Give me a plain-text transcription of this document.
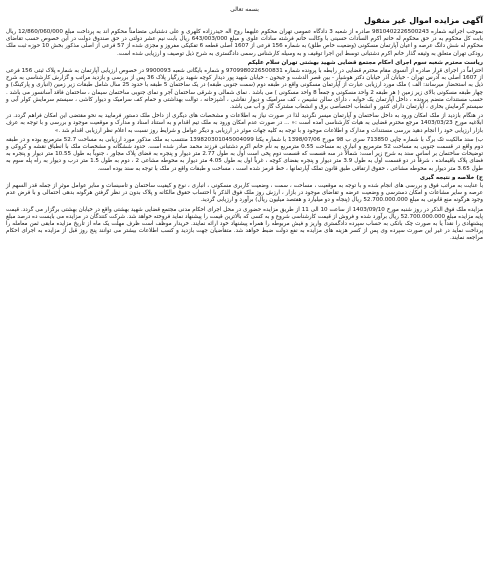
بسمه تعالی
آگهی مزایده اموال غیر منقول

بموجب اجرائیه شماره 9810402226500243 صادره از شعبه 3 دادگاه عمومی تهران محکوم علیهما روح اله حیدرزاده کلهری و علی دشتبانی متضامناً محکوم اند به پرداخت مبلغ 12/860/060/000 ریال بابت کل محکوم به در حق محکوم له خانم اکرم السادات حسینی با وکالت خانم فرشته سادات علوی و مبلغ 643/003/000 ریال بابت نیم عشر دولتی در حق صندوق دولت در این خصوص حسب تقاضای محکوم له شش دانگ عرصه و اعیان آپارتمان مسکونی (وضعیت خاص طلق) به شماره 156 فرعی از 1607 اصلی قطعه 6 تفکیکی مفروز و مجزی شده از 57 فرعی از اصلی مذکور بخش 10 حوزه ثبت ملک رودکی تهران متعلق به وثیقه گذار خانم اکرم دشتبانی توسط این اجرا توقیف و به وسیله کارشناس رسمی دادگستری به شرح ذیل توصیف و ارزیابی شده است.

ریاست محترم شعبه سوم اجرای احکام مجتمع قضایی شهید بهشتی تهران سلام علیکم

احتراماً در اجرای قرار صادره از آنسوی مقام محترم قضایی در رابطه با پرونده شماره 9709980226500831 و شماره بایگانی شعبه 9900093 در خصوص ارزیابی آپارتمان به شماره پلاک ثبتی 156 فرعی از 1607 اصلی به آدرس تهران - خیابان آذر خیابان دکتر هوشیار - بین قصر الدشت و جیحون - خیابان شهید پور دیدار کوچه شهید بزرگیار پلاک 36 پس از بررسی و بازدید مراتب و گزارش کارشناسی به شرح ذیل به استحضار میرساند: الف ) ملک مورد ارزیابی عبارت از آپارتمان مسکونی واقع در طبقه دوم (سمت جنوبی طبقه) در یک ساختمان 5 طبقه با حدود 25 سال شامل طبقات زیر زمین (انباری و پارکینگ) و چهار طبقه مسکونی بالای زیر زمین ( هر طبقه 2 واحد مسکونی و جمعاً 8 واحد مسکونی ) می باشد . نمای شمالی و شرقی ساختمان آجر و نمای جنوبی ساختمان سیمان ، ساختمان فاقد آسانسور می باشد . حسب مستندات منضم پرونده ، داخل آپارتمان یک خوابه ، دارای سالن نشیمن ، کف سرامیک و دیوار نقاشی ، آشپزخانه ، توالت بهداشتی و حمام کف سرامیک و دیوار کاشی ، سیستم سرمایش کولر آبی و سیستم گرمایش بخاری ، آپارتمان دارای کنتور و انشعاب اختصاصی برق و انشعاب مشترک گاز و آب می باشد.

در هنگام بازدید از ملک امکان ورود به داخل ساختمان و آپارتمان میسر نگردید لذا در صورت نیاز به اطلاعات و مشخصات های دیگری از داخل ملک دستور فرمایید به نحو مقتضی این امکان فراهم گردد. در ابلاغیه مورخ 1403/03/23 مرجع محترم قضایی به هیات کارشناسی آمده است :« ... در صورت عدم امکان ورود به ملک تیم اقدام و به استناد اسناد و مدارک و موقعیت موجود و بررسی و با توجه به عرف بازار ارزیابی خود را انجام دهید بررسی مستندات و مدارک و اطلاعات موجود و با توجه به کلیه جهات موثر در ارزیابی و دیگر عوامل و شرایط روز نسبت به اعلام نظر ارزیابی اقدام شد .»

ب) سند مالکیت تک برگ با شماره چاپی 713850 سری ب 98 مورخ 1398/07/06 با شماره یکتا 139820301045004099 منتسب به ملک مذکور مورد ارزیابی به مساحت 52.7 مترمربع بوده و در طبقه دوم واقع در قسمت جنوبی به مساحت 52 مترمربع و انباری به مساحت 0.55 مترمربع به نام خانم اکرم دشتبانی فرزند محمد صادر شده است. حدود ششگانه و مشخصات ملک با انطباق نقشه و کروکی و توضیحات ساختمان بر اساس سند به شرح زیر است: شمالاً در سه قسمت که قسمت دوم پخی است اول به طول 2.77 متر دیوار و پنجره به فضای پلاک مجاور ، جنوباً به طول 10.55 متر دیوار و پنجره به فضای پلاک باقیمانده ، شرقاً در دو قسمت اول به طول 3.9 متر دیوار و پنجره بفضای کوچه ، غرباً اول به طول 4.05 متر دیوار به محوطه مشاعی 2 ، دوم به طول 1.5 متر درب و دیوار به راه پله سوم به طول 3.65 متر دیوار به محوطه مشاعی ، حقوق ارتفاقی طبق قانون تملک آپارتمانها ، خط قرمز شده است ، مساحت و طبقات واقع در ملک با توجه به سند بوده است.

ج) خلاصه و نتیجه گیری

با عنایت به مراتب فوق و بررسی های انجام شده و با توجه به موقعیت ، مساحت ، سمت ، وضعیت کاربری مسکونی ، انباری ، نوع و کیفیت ساختمان و تاسیسات و سایر عوامل موثر از جمله قدر السهم از عرصه و سایر مشاعات و امکان دسترسی و وضعیت عرضه و تقاضای موجود در بازار ، ارزش روز ملک فوق الذکر با احتساب حقوق مالکانه و پلاک بدون در نظر گرفتن هرگونه بدهی احتمالی و با فرض عدم وجود هرگونه منع قانونی به مبلغ 52.700.000.000 ریال (پنجاه و دو میلیارد و هفتصد میلیون ریال) برآورد و ارزیابی گردید.

مزایده ملک فوق الذکر در روز شنبه مورخ 1403/09/10 از ساعت 10 الی 11 از طریق مزایده حضوری در محل اجرای احکام مدنی مجتمع قضایی شهید بهشتی واقع در خیابان بهشتی برگزار می گردد. قیمت پایه مزایده مبلغ 52.700.000.000 ریال برآورد شده و فروش از قیمت کارشناسی شروع و به کسی که بالاترین قیمت را پیشنهاد نماید فروخته خواهد شد. شرکت کنندگان در مزایده می بایست ده درصد مبلغ پیشنهادی را نقداً یا به صورت چک بانکی به حساب سپرده دادگستری واریز و فیش مربوطه را همراه پیشنهاد خود ارائه نمایند. خریدار موظف است ظرف مهلت یک ماه از تاریخ مزایده مابقی ثمن معامله را پرداخت نماید در غیر این صورت سپرده وی پس از کسر هزینه های مزایده به نفع دولت ضبط خواهد شد. متقاضیان جهت بازدید و کسب اطلاعات بیشتر می توانند پنج روز قبل از مزایده به اجرای احکام مراجعه نمایند.
